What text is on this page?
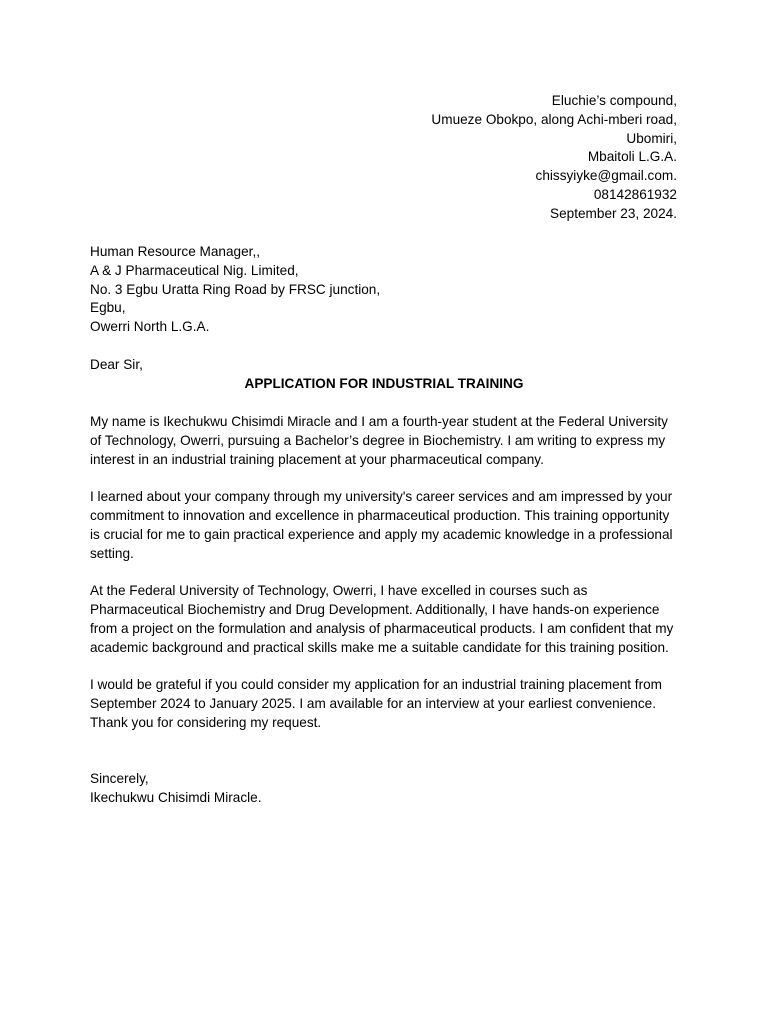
Eluchie’s compound,
Umueze Obokpo, along Achi-mberi road,
Ubomiri,
Mbaitoli L.G.A.
chissyiyke@gmail.com.
08142861932
September 23, 2024.
Human Resource Manager,,
A & J Pharmaceutical Nig. Limited,
No. 3 Egbu Uratta Ring Road by FRSC junction,
Egbu,
Owerri North L.G.A.
Dear Sir,
APPLICATION FOR INDUSTRIAL TRAINING

My name is Ikechukwu Chisimdi Miracle and I am a fourth-year student at the Federal University of Technology, Owerri, pursuing a Bachelor’s degree in Biochemistry. I am writing to express my interest in an industrial training placement at your pharmaceutical company.

I learned about your company through my university's career services and am impressed by your commitment to innovation and excellence in pharmaceutical production. This training opportunity is crucial for me to gain practical experience and apply my academic knowledge in a professional setting.

At the Federal University of Technology, Owerri, I have excelled in courses such as Pharmaceutical Biochemistry and Drug Development. Additionally, I have hands-on experience from a project on the formulation and analysis of pharmaceutical products. I am confident that my academic background and practical skills make me a suitable candidate for this training position.

I would be grateful if you could consider my application for an industrial training placement from September 2024 to January 2025. I am available for an interview at your earliest convenience. Thank you for considering my request.

Sincerely,
Ikechukwu Chisimdi Miracle.
